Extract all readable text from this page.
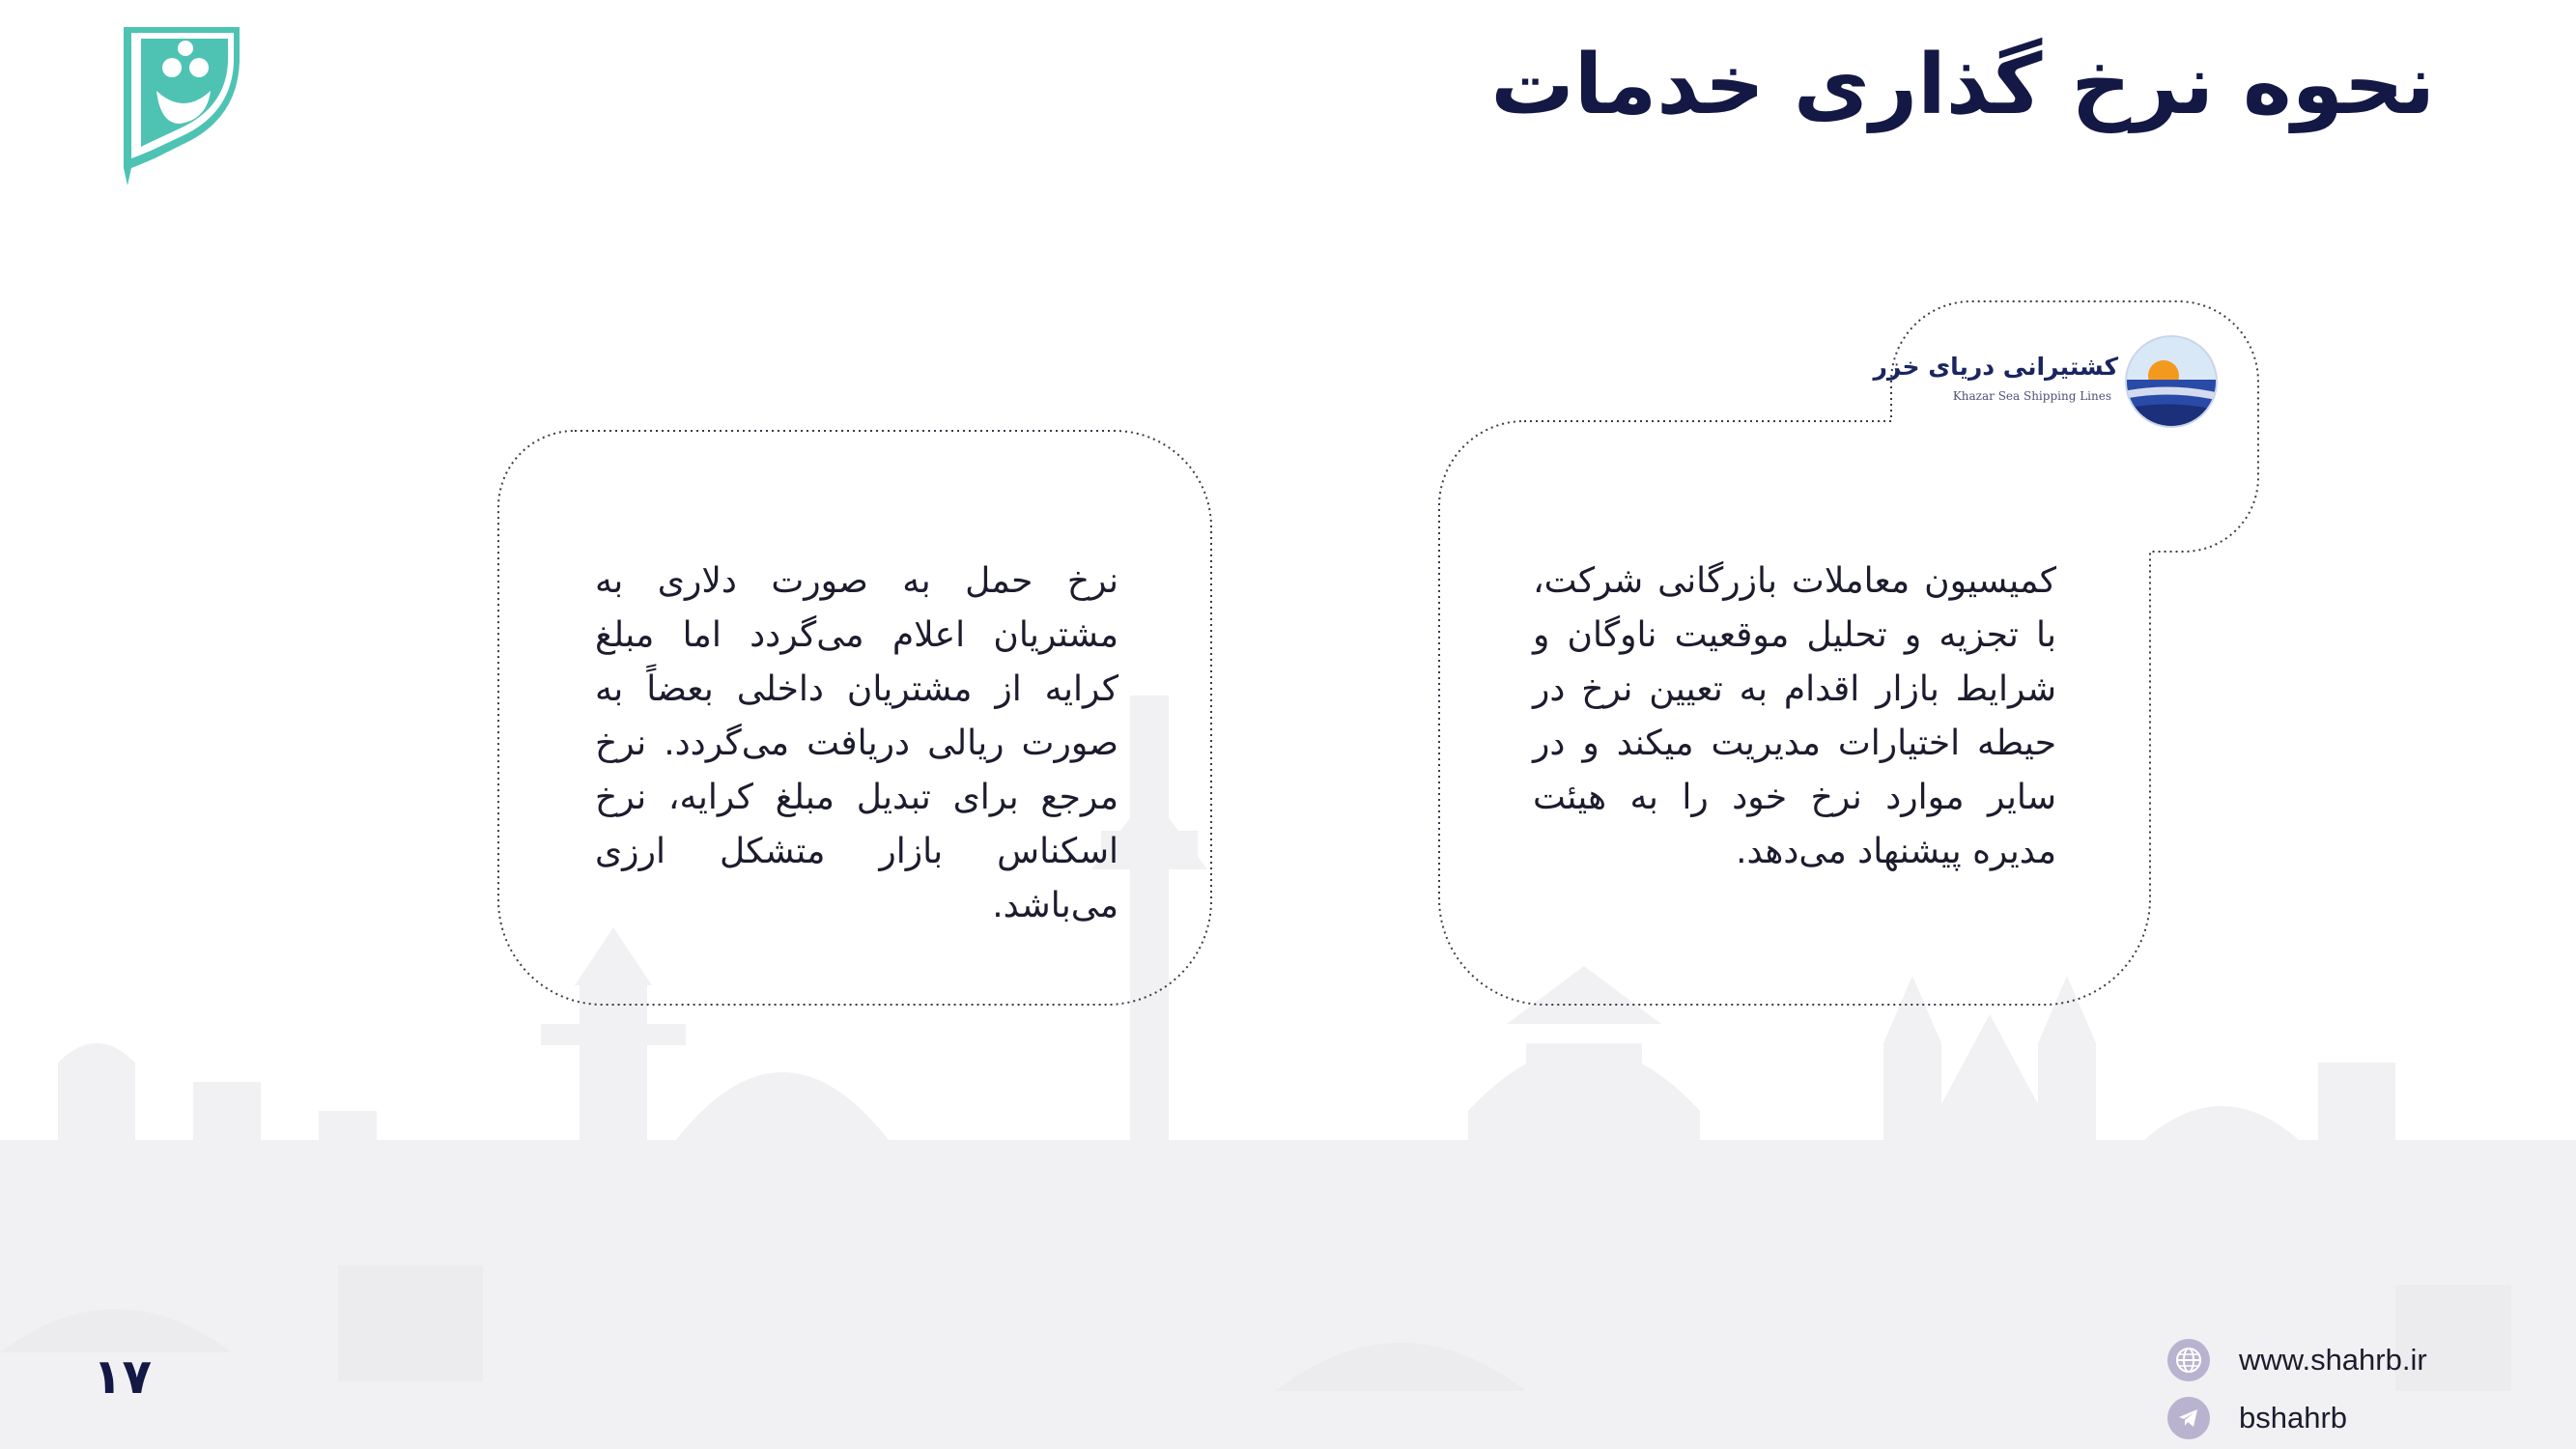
نحوه نرخ گذاری خدمات
کشتیرانی دریای خزر
Khazar Sea Shipping Lines

نرخ حمل به صورت دلاری به مشتریان اعلام می‌گردد اما مبلغ کرایه از مشتریان داخلی بعضاً به صورت ریالی دریافت می‌گردد. نرخ مرجع برای تبدیل مبلغ کرایه، نرخ اسکناس بازار متشکل ارزی می‌باشد.

کمیسیون معاملات بازرگانی شرکت، با تجزیه و تحلیل موقعیت ناوگان و شرایط بازار اقدام به تعیین نرخ در حیطه اختیارات مدیریت میکند و در سایر موارد نرخ خود را به هیئت مدیره پیشنهاد می‌دهد.

۱۷	www.shahrb.ir
bshahrb
